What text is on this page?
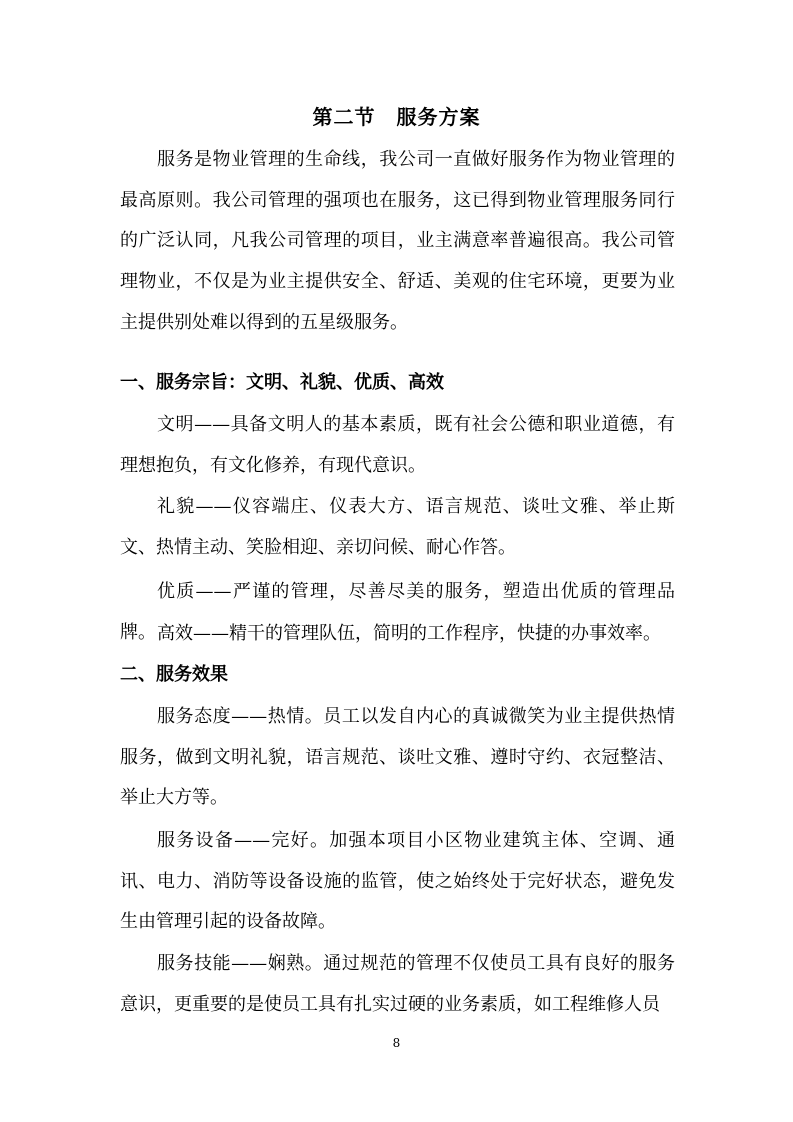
第二节　服务方案

服务是物业管理的生命线，我公司一直做好服务作为物业管理的最高原则。我公司管理的强项也在服务，这已得到物业管理服务同行的广泛认同，凡我公司管理的项目，业主满意率普遍很高。我公司管理物业，不仅是为业主提供安全、舒适、美观的住宅环境，更要为业主提供别处难以得到的五星级服务。

一、服务宗旨：文明、礼貌、优质、高效

文明——具备文明人的基本素质，既有社会公德和职业道德，有理想抱负，有文化修养，有现代意识。

礼貌——仪容端庄、仪表大方、语言规范、谈吐文雅、举止斯文、热情主动、笑脸相迎、亲切问候、耐心作答。

优质——严谨的管理，尽善尽美的服务，塑造出优质的管理品牌。 高效——精干的管理队伍，简明的工作程序，快捷的办事效率。

二、服务效果

服务态度——热情。员工以发自内心的真诚微笑为业主提供热情服务，做到文明礼貌，语言规范、谈吐文雅、遵时守约、衣冠整洁、举止大方等。

服务设备——完好。加强本项目小区物业建筑主体、空调、通讯、电力、消防等设备设施的监管，使之始终处于完好状态，避免发生由管理引起的设备故障。

服务技能——娴熟。通过规范的管理不仅使员工具有良好的服务意识，更重要的是使员工具有扎实过硬的业务素质，如工程维修人员

8
